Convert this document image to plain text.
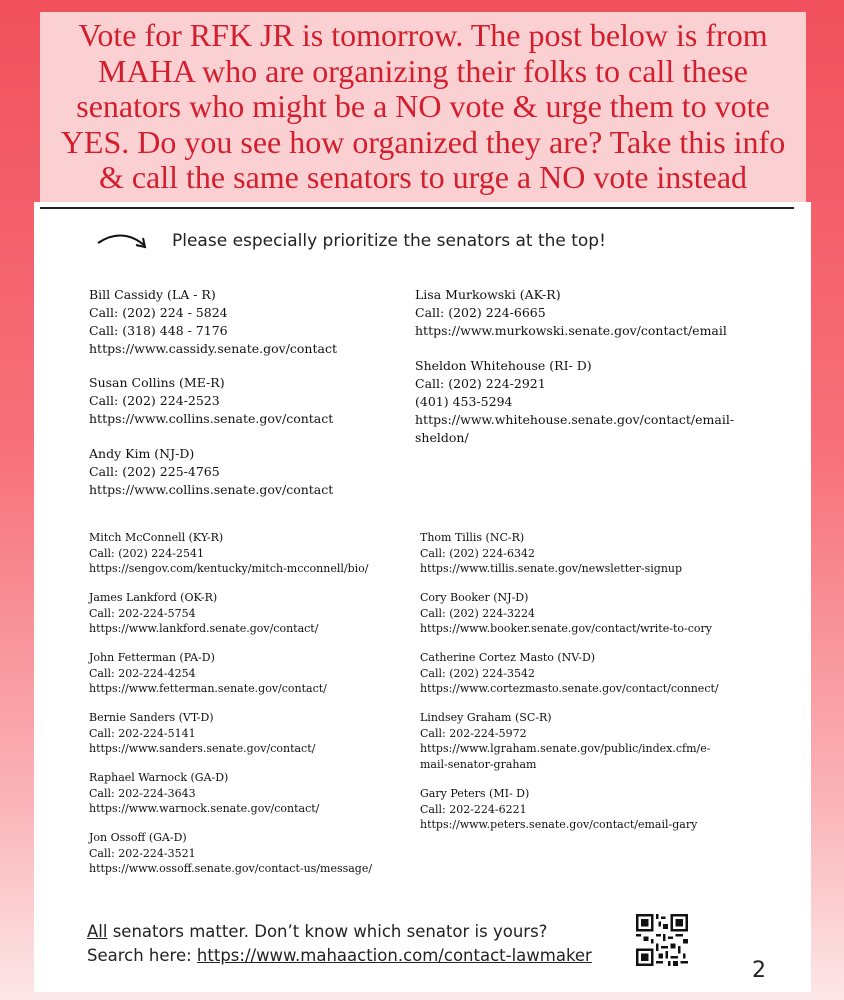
Vote for RFK JR is tomorrow. The post below is from MAHA who are organizing their folks to call these senators who might be a NO vote & urge them to vote YES. Do you see how organized they are? Take this info & call the same senators to urge a NO vote instead

Please especially prioritize the senators at the top!
Bill Cassidy (LA - R)
Call: (202) 224 - 5824
Call: (318) 448 - 7176
https://www.cassidy.senate.gov/contact
Susan Collins (ME-R)
Call: (202) 224-2523
https://www.collins.senate.gov/contact
Andy Kim (NJ-D)
Call: (202) 225-4765
https://www.collins.senate.gov/contact
Lisa Murkowski (AK-R)
Call: (202) 224-6665
https://www.murkowski.senate.gov/contact/email
Sheldon Whitehouse (RI- D)
Call: (202) 224-2921
(401) 453-5294
https://www.whitehouse.senate.gov/contact/email-
sheldon/
Mitch McConnell (KY-R)
Call: (202) 224-2541
https://sengov.com/kentucky/mitch-mcconnell/bio/
James Lankford (OK-R)
Call: 202-224-5754
https://www.lankford.senate.gov/contact/
John Fetterman (PA-D)
Call: 202-224-4254
https://www.fetterman.senate.gov/contact/
Bernie Sanders (VT-D)
Call: 202-224-5141
https://www.sanders.senate.gov/contact/
Raphael Warnock (GA-D)
Call: 202-224-3643
https://www.warnock.senate.gov/contact/
Jon Ossoff (GA-D)
Call: 202-224-3521
https://www.ossoff.senate.gov/contact-us/message/
Thom Tillis (NC-R)
Call: (202) 224-6342
https://www.tillis.senate.gov/newsletter-signup
Cory Booker (NJ-D)
Call: (202) 224-3224
https://www.booker.senate.gov/contact/write-to-cory
Catherine Cortez Masto (NV-D)
Call: (202) 224-3542
https://www.cortezmasto.senate.gov/contact/connect/
Lindsey Graham (SC-R)
Call: 202-224-5972
https://www.lgraham.senate.gov/public/index.cfm/e-
mail-senator-graham
Gary Peters (MI- D)
Call: 202-224-6221
https://www.peters.senate.gov/contact/email-gary
All senators matter. Don’t know which senator is yours?
Search here: https://www.mahaaction.com/contact-lawmaker
2
